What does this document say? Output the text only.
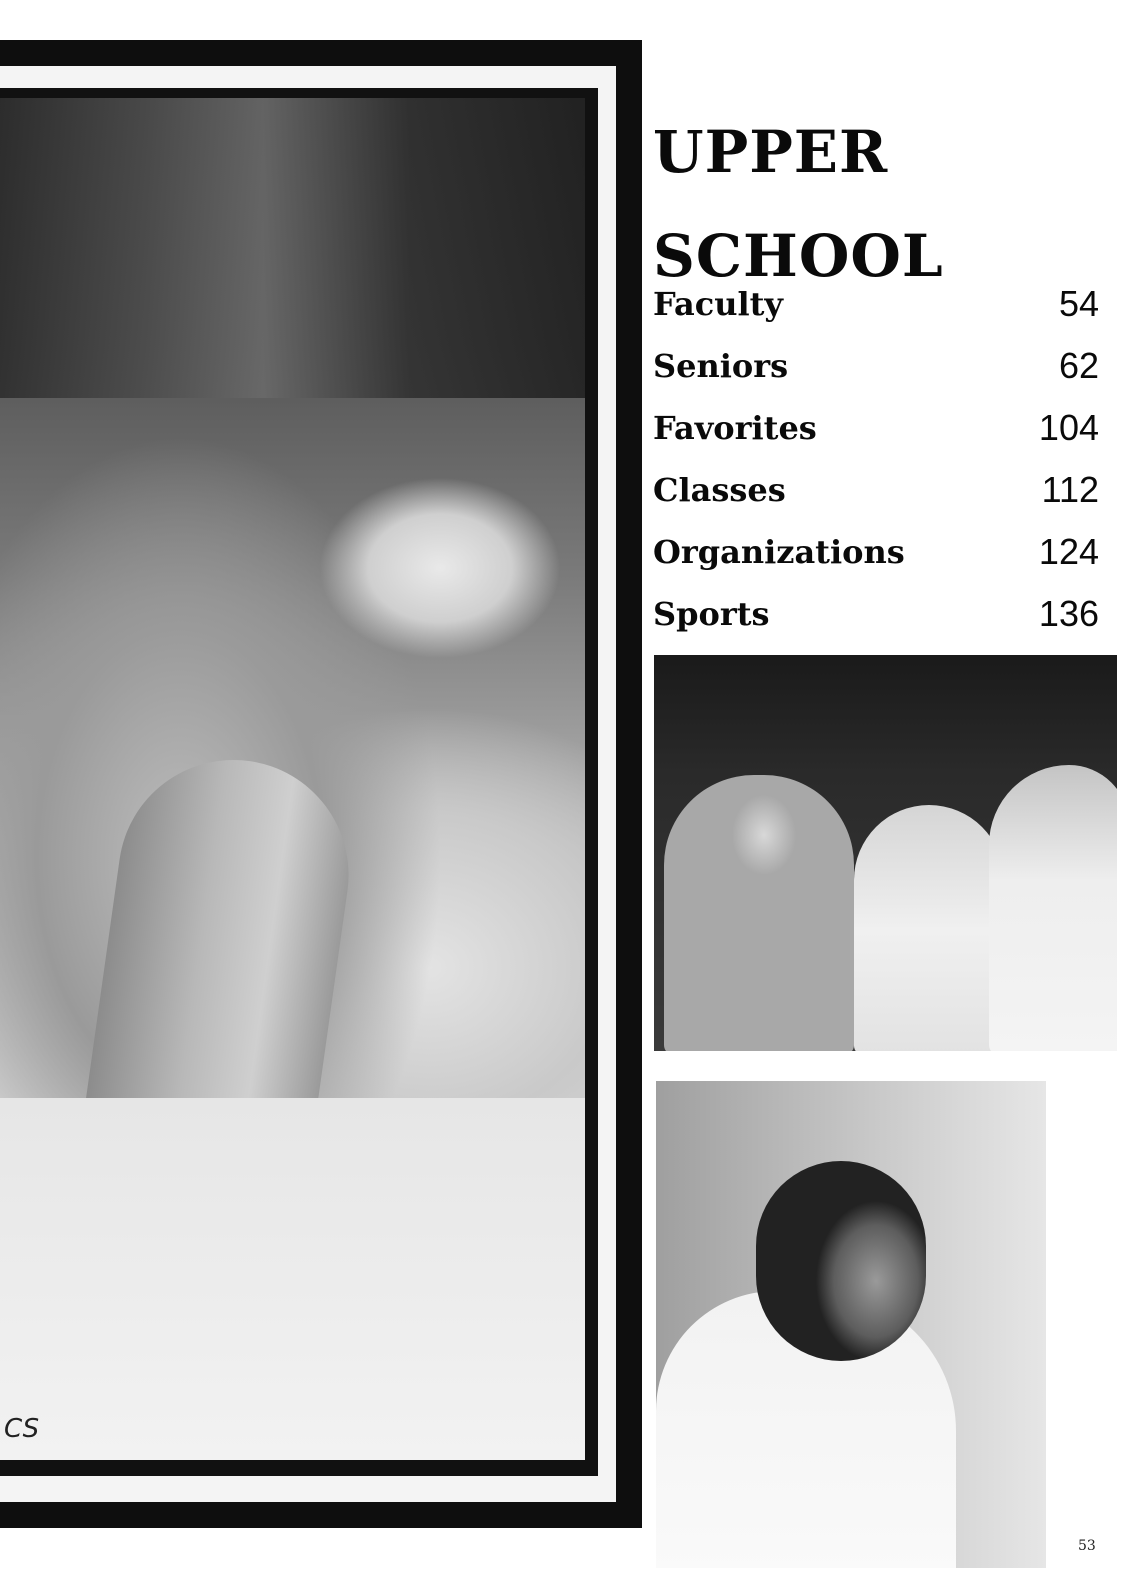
CS
UPPER
SCHOOL
Faculty	54
Seniors	62
Favorites	104
Classes	112
Organizations	124
Sports	136
53
